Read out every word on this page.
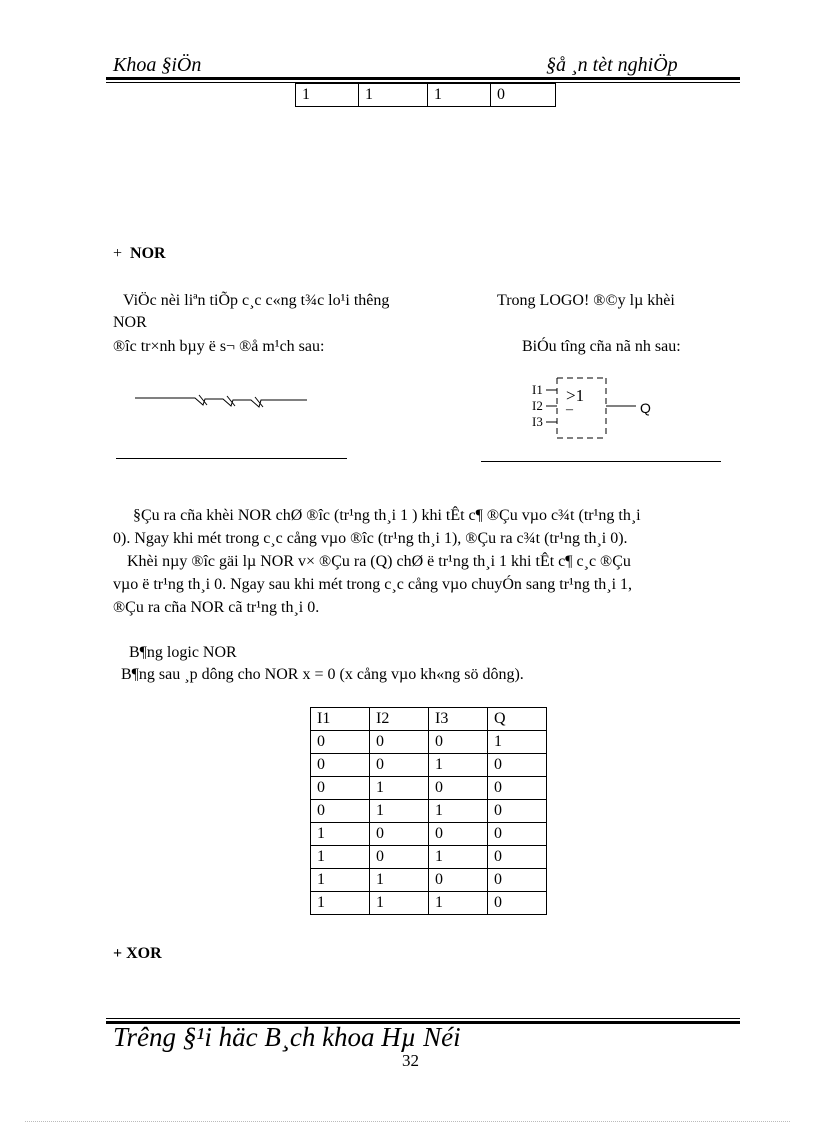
Khoa §iÖn	§å ¸n tèt nghiÖp
1	1	1	0
+ NOR
ViÖc nèi liªn tiÕp c¸c c«ng t¾c lo¹i thêng
NOR
®îc tr×nh bµy ë s¬ ®å m¹ch sau:
Trong LOGO! ®©y lµ khèi
BiÓu tîng cña nã nh sau:
I1
I2
I3
>1
–	Q
§Çu ra cña khèi NOR chØ ®îc (tr¹ng th¸i 1 ) khi tÊt c¶ ®Çu vµo c¾t (tr¹ng th¸i
0). Ngay khi mét trong c¸c cång vµo ®îc (tr¹ng th¸i 1), ®Çu ra c¾t (tr¹ng th¸i 0).
Khèi nµy ®îc gäi lµ NOR v× ®Çu ra (Q) chØ ë tr¹ng th¸i 1 khi tÊt c¶ c¸c ®Çu
vµo ë tr¹ng th¸i 0. Ngay sau khi mét trong c¸c cång vµo chuyÓn sang tr¹ng th¸i 1,
®Çu ra cña NOR cã tr¹ng th¸i 0.
B¶ng logic NOR
B¶ng sau ¸p dông cho NOR x = 0 (x cång vµo kh«ng sö dông).
I1	I2	I3	Q
0	0	0	1
0	0	1	0
0	1	0	0
0	1	1	0
1	0	0	0
1	0	1	0
1	1	0	0
1	1	1	0
+ XOR
Trêng §¹i häc B¸ch khoa Hµ Néi
32
